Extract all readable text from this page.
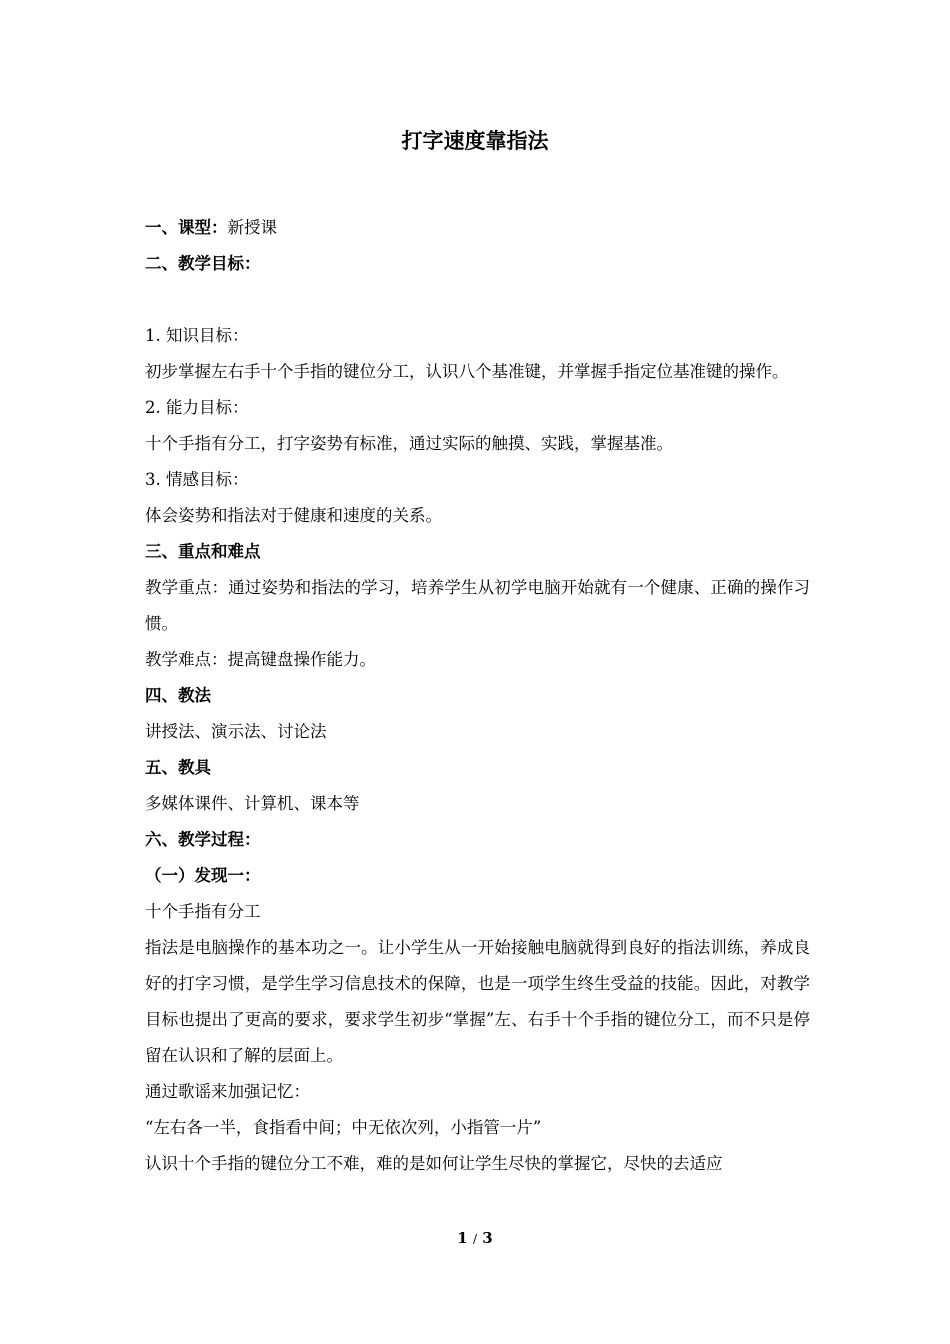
打字速度靠指法
一、课型：新授课
二、教学目标：
1. 知识目标：
初步掌握左右手十个手指的键位分工，认识八个基准键，并掌握手指定位基准键的操作。
2. 能力目标：
十个手指有分工，打字姿势有标准，通过实际的触摸、实践，掌握基准。
3. 情感目标：
体会姿势和指法对于健康和速度的关系。
三、重点和难点
教学重点：通过姿势和指法的学习，培养学生从初学电脑开始就有一个健康、正确的操作习惯。
教学难点：提高键盘操作能力。
四、教法
讲授法、演示法、讨论法
五、教具
多媒体课件、计算机、课本等
六、教学过程：
（一）发现一：
十个手指有分工
指法是电脑操作的基本功之一。让小学生从一开始接触电脑就得到良好的指法训练，养成良好的打字习惯，是学生学习信息技术的保障，也是一项学生终生受益的技能。因此，对教学目标也提出了更高的要求，要求学生初步“掌握”左、右手十个手指的键位分工，而不只是停留在认识和了解的层面上。
通过歌谣来加强记忆：
“左右各一半，食指看中间；中无依次列，小指管一片”
认识十个手指的键位分工不难，难的是如何让学生尽快的掌握它，尽快的去适应
1 / 3
